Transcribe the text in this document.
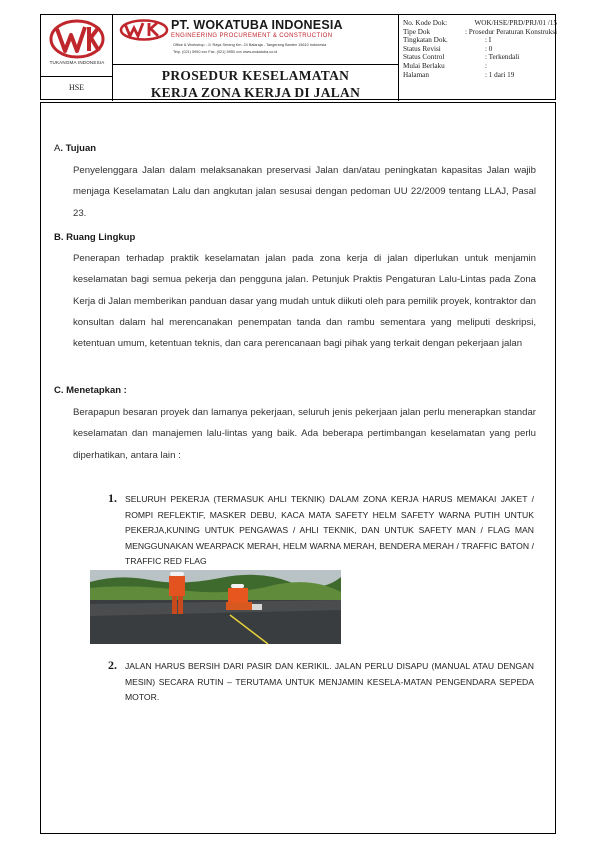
TUKANGMA INDONESIA
HSE
PT. WOKATUBA INDONESIA
ENGINEERING PROCUREMENT & CONSTRUCTION
Office & Workshop : Jl. Raya Serang Km. 24 Balaraja - Tangerang Banten 15610 Indonesia
Telp. (021) 5950 xxx Fax. (021) 5950 xxx www.wokatuba.co.id
PROSEDUR KESELAMATAN
KERJA ZONA KERJA DI JALAN
No. Kode Dok:	WOK/HSE/PRD/PRJ/01 /15
Tipe Dok	: Prosedur Peraturan Konstruksi
Tingkatan Dok.	: I
Status Revisi	: 0
Status Control	: Terkendali
Mulai Berlaku	:
Halaman	: 1 dari 19
A. Tujuan
Penyelenggara Jalan dalam melaksanakan preservasi Jalan dan/atau peningkatan kapasitas Jalan wajib menjaga Keselamatan Lalu dan angkutan jalan sesusai dengan pedoman UU 22/2009 tentang LLAJ, Pasal 23.
B. Ruang Lingkup
Penerapan terhadap praktik keselamatan jalan pada zona kerja di jalan diperlukan untuk menjamin keselamatan bagi semua pekerja dan pengguna jalan. Petunjuk Praktis Pengaturan Lalu-Lintas pada Zona Kerja di Jalan memberikan panduan dasar yang mudah untuk diikuti oleh para pemilik proyek, kontraktor dan konsultan dalam hal merencanakan penempatan tanda dan rambu sementara yang meliputi deskripsi, ketentuan umum, ketentuan teknis, dan cara perencanaan bagi pihak yang terkait dengan pekerjaan jalan
C. Menetapkan :
Berapapun besaran proyek dan lamanya pekerjaan, seluruh jenis pekerjaan jalan perlu menerapkan standar keselamatan dan manajemen lalu-lintas yang baik. Ada beberapa pertimbangan keselamatan yang perlu diperhatikan, antara lain :
1. SELURUH PEKERJA (TERMASUK AHLI TEKNIK) DALAM ZONA KERJA HARUS MEMAKAI JAKET / ROMPI REFLEKTIF, MASKER DEBU, KACA MATA SAFETY HELM SAFETY WARNA PUTIH UNTUK PEKERJA,KUNING UNTUK PENGAWAS / AHLI TEKNIK, DAN UNTUK SAFETY MAN / FLAG MAN MENGGUNAKAN WEARPACK MERAH, HELM WARNA MERAH, BENDERA MERAH / TRAFFIC BATON / TRAFFIC RED FLAG
2. JALAN HARUS BERSIH DARI PASIR DAN KERIKIL. JALAN PERLU DISAPU (MANUAL ATAU DENGAN MESIN) SECARA RUTIN – TERUTAMA UNTUK MENJAMIN KESELA-MATAN PENGENDARA SEPEDA MOTOR.
